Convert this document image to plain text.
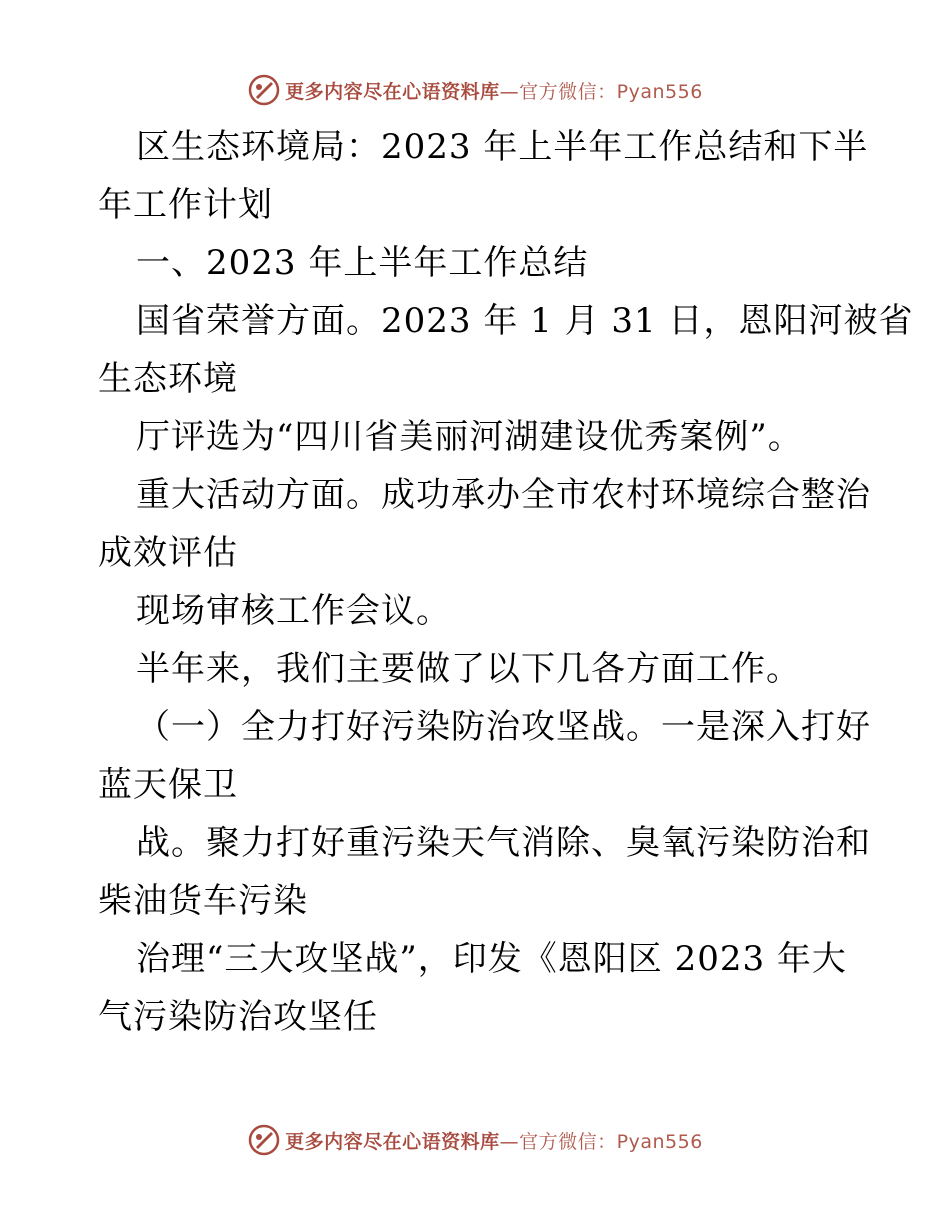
更多内容尽在心语资料库—官方微信：Pyan556
区生态环境局：2023 年上半年工作总结和下半
年工作计划
一、2023 年上半年工作总结
国省荣誉方面。2023 年 1 月 31 日，恩阳河被省
生态环境
厅评选为“四川省美丽河湖建设优秀案例”。
重大活动方面。成功承办全市农村环境综合整治
成效评估
现场审核工作会议。
半年来，我们主要做了以下几各方面工作。
（一）全力打好污染防治攻坚战。一是深入打好
蓝天保卫
战。聚力打好重污染天气消除、臭氧污染防治和
柴油货车污染
治理“三大攻坚战”，印发《恩阳区 2023 年大
气污染防治攻坚任
更多内容尽在心语资料库—官方微信：Pyan556
